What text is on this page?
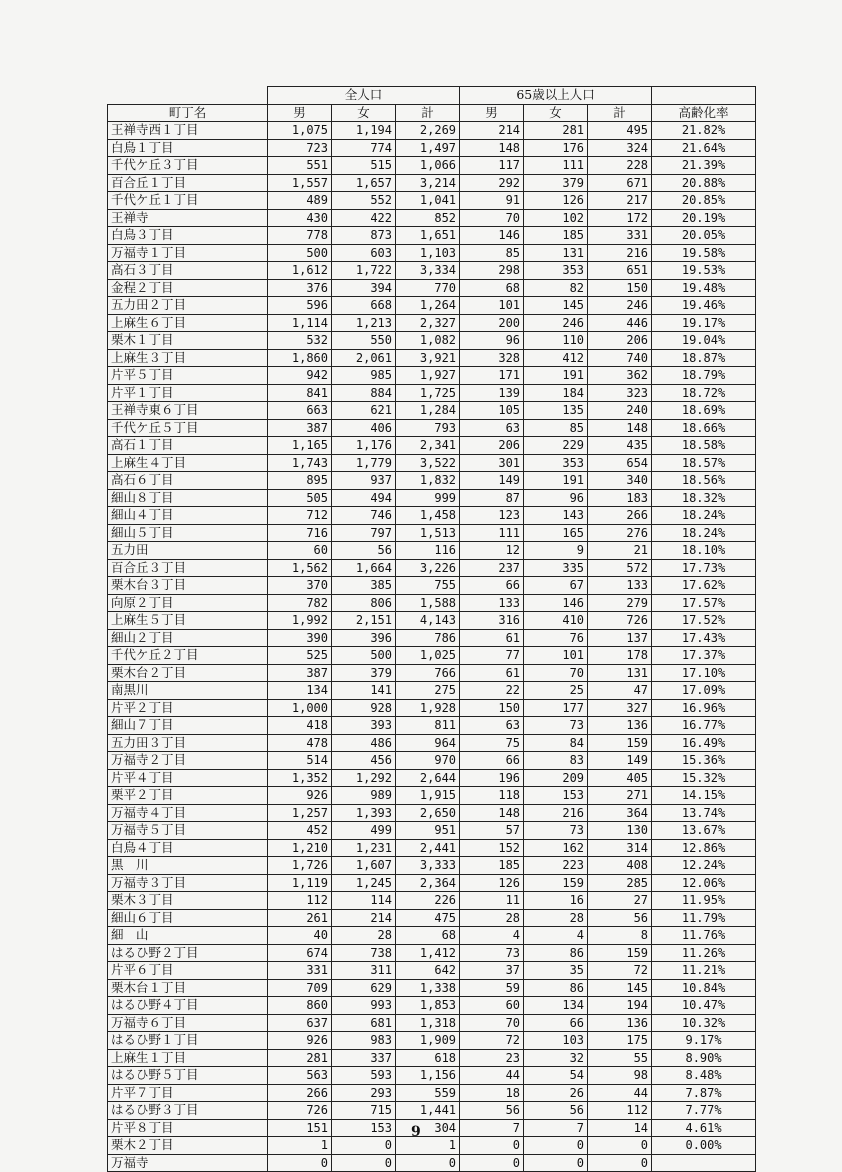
	全人口			65歳以上人口			
町丁名	男	女	計	男	女	計	高齢化率
王禅寺西１丁目	1,075	1,194	2,269	214	281	495	21.82%
白鳥１丁目	723	774	1,497	148	176	324	21.64%
千代ケ丘３丁目	551	515	1,066	117	111	228	21.39%
百合丘１丁目	1,557	1,657	3,214	292	379	671	20.88%
千代ケ丘１丁目	489	552	1,041	91	126	217	20.85%
王禅寺	430	422	852	70	102	172	20.19%
白鳥３丁目	778	873	1,651	146	185	331	20.05%
万福寺１丁目	500	603	1,103	85	131	216	19.58%
高石３丁目	1,612	1,722	3,334	298	353	651	19.53%
金程２丁目	376	394	770	68	82	150	19.48%
五力田２丁目	596	668	1,264	101	145	246	19.46%
上麻生６丁目	1,114	1,213	2,327	200	246	446	19.17%
栗木１丁目	532	550	1,082	96	110	206	19.04%
上麻生３丁目	1,860	2,061	3,921	328	412	740	18.87%
片平５丁目	942	985	1,927	171	191	362	18.79%
片平１丁目	841	884	1,725	139	184	323	18.72%
王禅寺東６丁目	663	621	1,284	105	135	240	18.69%
千代ケ丘５丁目	387	406	793	63	85	148	18.66%
高石１丁目	1,165	1,176	2,341	206	229	435	18.58%
上麻生４丁目	1,743	1,779	3,522	301	353	654	18.57%
高石６丁目	895	937	1,832	149	191	340	18.56%
細山８丁目	505	494	999	87	96	183	18.32%
細山４丁目	712	746	1,458	123	143	266	18.24%
細山５丁目	716	797	1,513	111	165	276	18.24%
五力田	60	56	116	12	9	21	18.10%
百合丘３丁目	1,562	1,664	3,226	237	335	572	17.73%
栗木台３丁目	370	385	755	66	67	133	17.62%
向原２丁目	782	806	1,588	133	146	279	17.57%
上麻生５丁目	1,992	2,151	4,143	316	410	726	17.52%
細山２丁目	390	396	786	61	76	137	17.43%
千代ケ丘２丁目	525	500	1,025	77	101	178	17.37%
栗木台２丁目	387	379	766	61	70	131	17.10%
南黒川	134	141	275	22	25	47	17.09%
片平２丁目	1,000	928	1,928	150	177	327	16.96%
細山７丁目	418	393	811	63	73	136	16.77%
五力田３丁目	478	486	964	75	84	159	16.49%
万福寺２丁目	514	456	970	66	83	149	15.36%
片平４丁目	1,352	1,292	2,644	196	209	405	15.32%
栗平２丁目	926	989	1,915	118	153	271	14.15%
万福寺４丁目	1,257	1,393	2,650	148	216	364	13.74%
万福寺５丁目	452	499	951	57	73	130	13.67%
白鳥４丁目	1,210	1,231	2,441	152	162	314	12.86%
黒　川	1,726	1,607	3,333	185	223	408	12.24%
万福寺３丁目	1,119	1,245	2,364	126	159	285	12.06%
栗木３丁目	112	114	226	11	16	27	11.95%
細山６丁目	261	214	475	28	28	56	11.79%
細　山	40	28	68	4	4	8	11.76%
はるひ野２丁目	674	738	1,412	73	86	159	11.26%
片平６丁目	331	311	642	37	35	72	11.21%
栗木台１丁目	709	629	1,338	59	86	145	10.84%
はるひ野４丁目	860	993	1,853	60	134	194	10.47%
万福寺６丁目	637	681	1,318	70	66	136	10.32%
はるひ野１丁目	926	983	1,909	72	103	175	9.17%
上麻生１丁目	281	337	618	23	32	55	8.90%
はるひ野５丁目	563	593	1,156	44	54	98	8.48%
片平７丁目	266	293	559	18	26	44	7.87%
はるひ野３丁目	726	715	1,441	56	56	112	7.77%
片平８丁目	151	153	304	7	7	14	4.61%
栗木２丁目	1	0	1	0	0	0	0.00%
万福寺	0	0	0	0	0	0	
9
